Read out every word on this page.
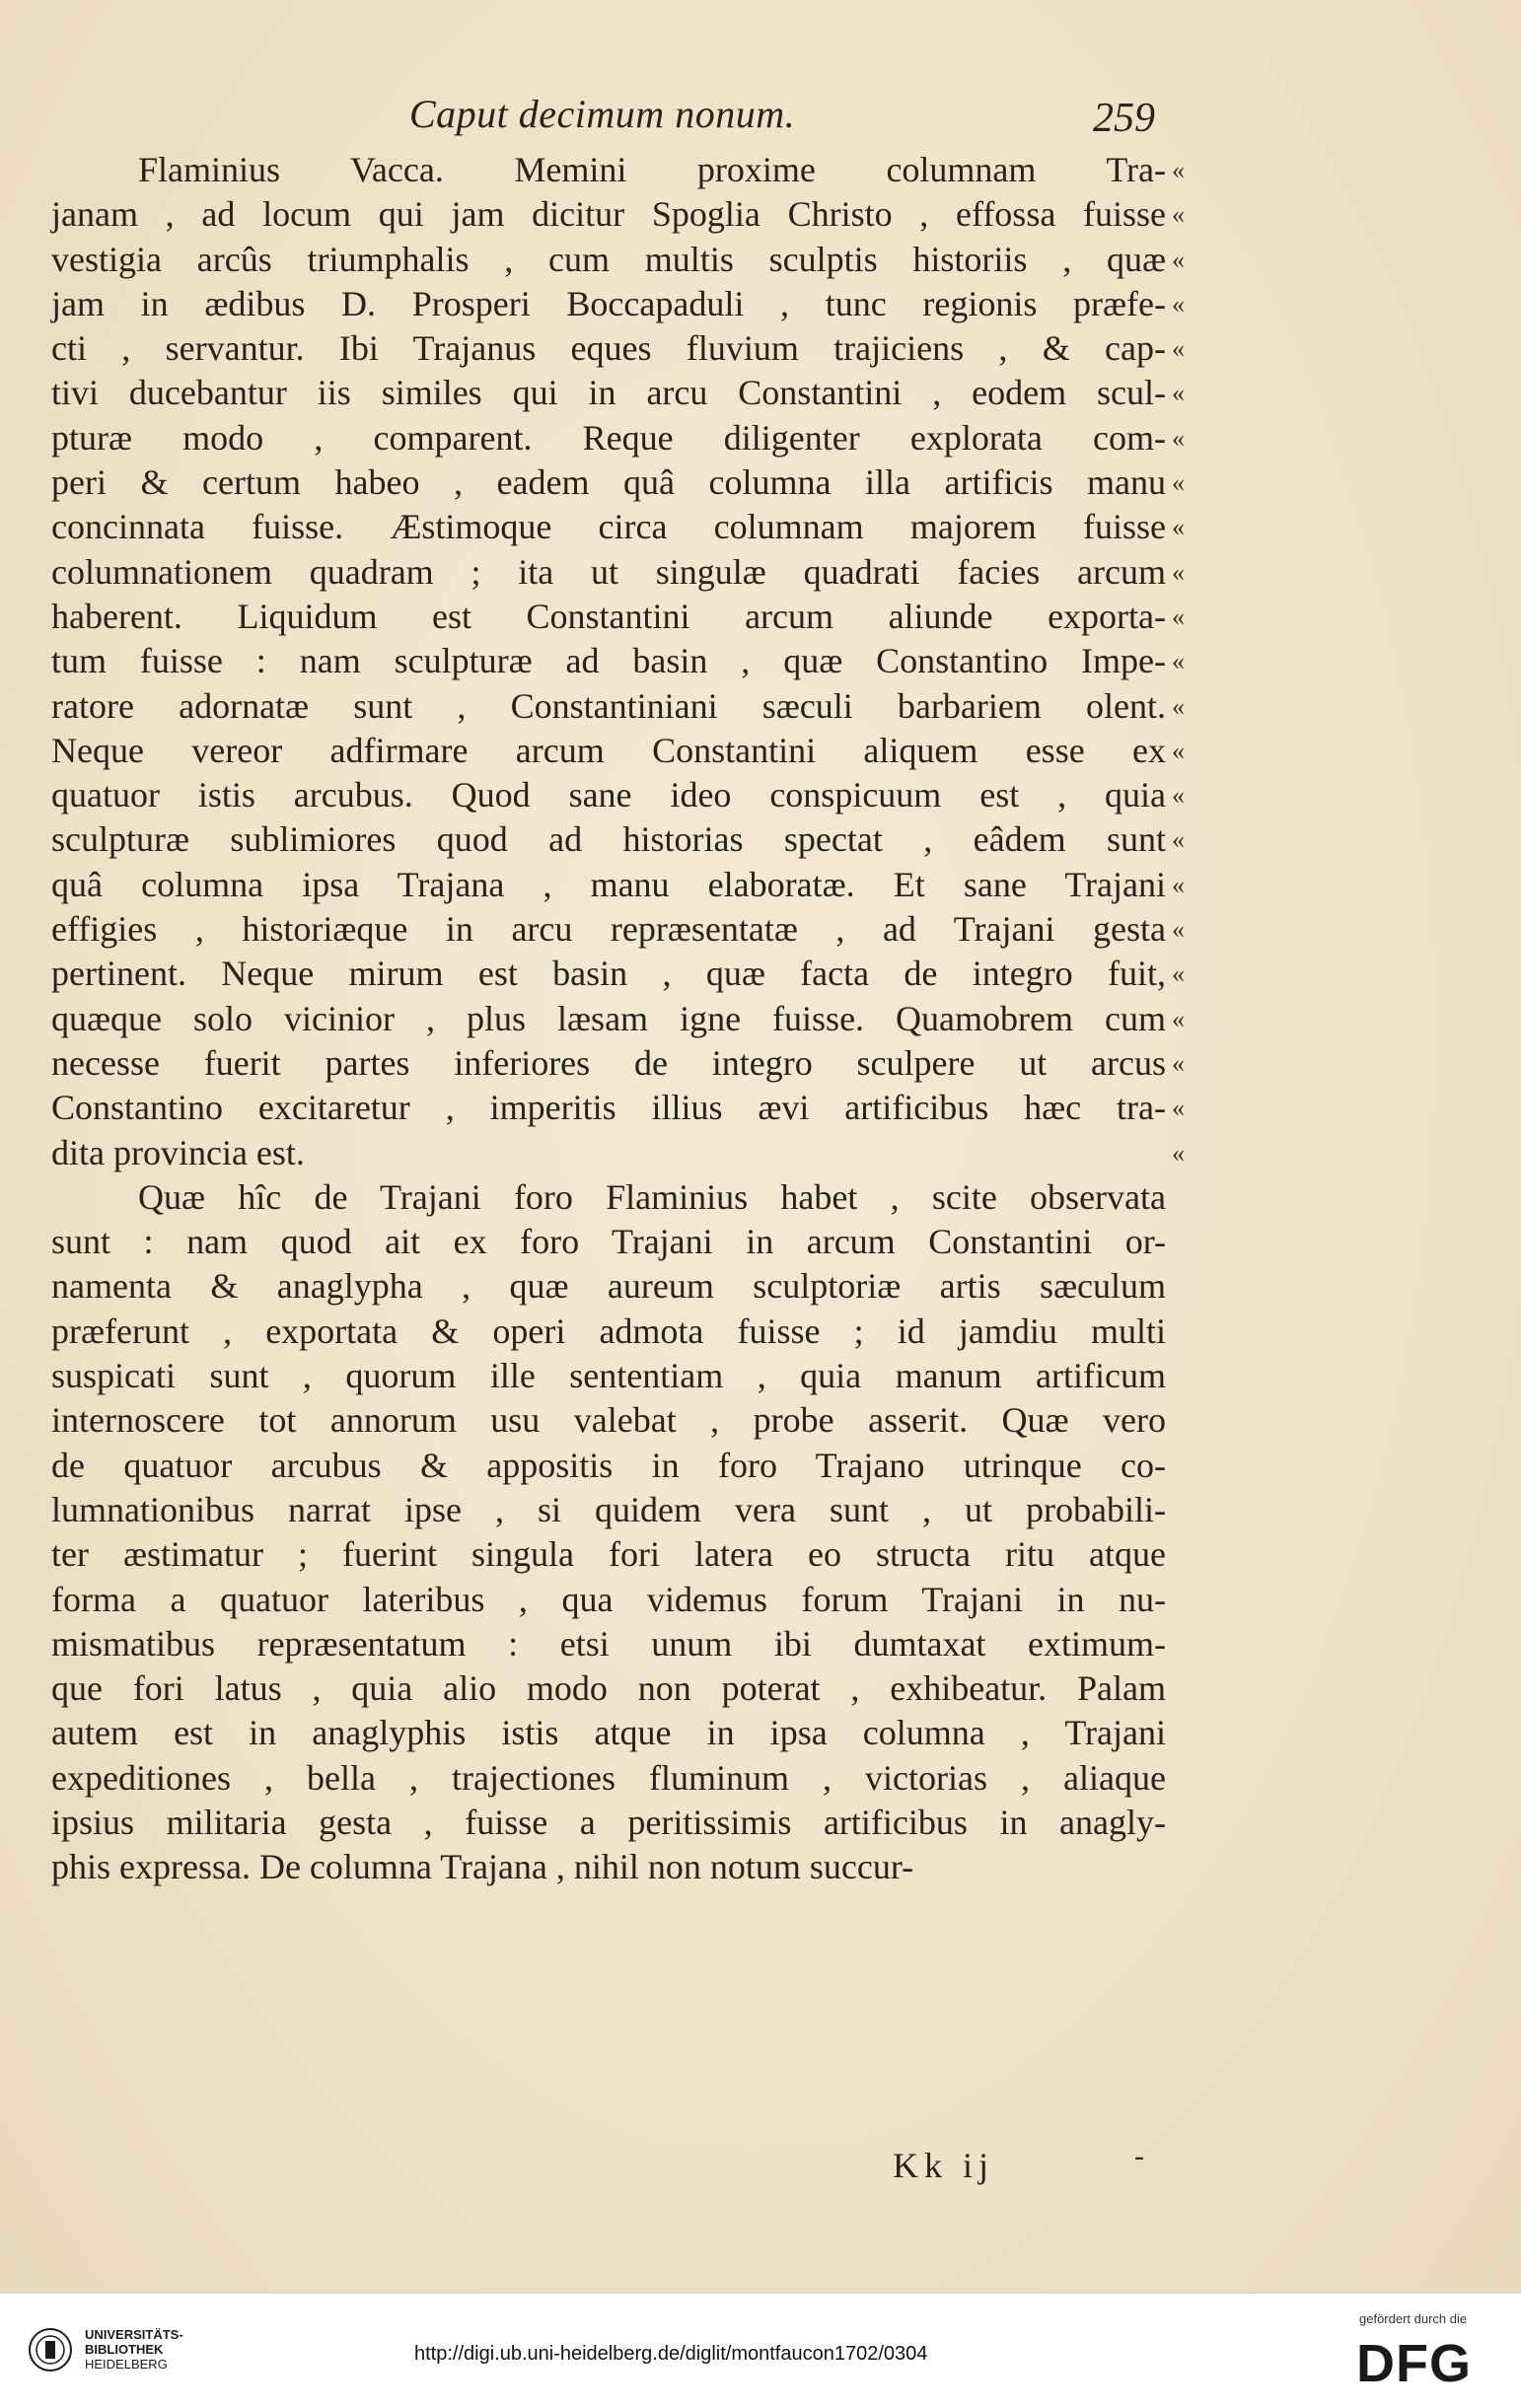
Caput decimum nonum.	259
Flaminius Vacca. Memini proxime columnam Tra-
janam , ad locum qui jam dicitur Spoglia Christo , effossa fuisse
vestigia arcûs triumphalis , cum multis sculptis historiis , quæ
jam in ædibus D. Prosperi Boccapaduli , tunc regionis præfe-
cti , servantur. Ibi Trajanus eques fluvium trajiciens , & cap-
tivi ducebantur iis similes qui in arcu Constantini , eodem scul-
pturæ modo , comparent. Reque diligenter explorata com-
peri & certum habeo , eadem quâ columna illa artificis manu
concinnata fuisse. Æstimoque circa columnam majorem fuisse
columnationem quadram ; ita ut singulæ quadrati facies arcum
haberent. Liquidum est Constantini arcum aliunde exporta-
tum fuisse : nam sculpturæ ad basin , quæ Constantino Impe-
ratore adornatæ sunt , Constantiniani sæculi barbariem olent.
Neque vereor adfirmare arcum Constantini aliquem esse ex
quatuor istis arcubus. Quod sane ideo conspicuum est , quia
sculpturæ sublimiores quod ad historias spectat , eâdem sunt
quâ columna ipsa Trajana , manu elaboratæ. Et sane Trajani
effigies , historiæque in arcu repræsentatæ , ad Trajani gesta
pertinent. Neque mirum est basin , quæ facta de integro fuit,
quæque solo vicinior , plus læsam igne fuisse. Quamobrem cum
necesse fuerit partes inferiores de integro sculpere ut arcus
Constantino excitaretur , imperitis illius ævi artificibus hæc tra-
dita provincia est.
Quæ hîc de Trajani foro Flaminius habet , scite observata
sunt : nam quod ait ex foro Trajani in arcum Constantini or-
namenta & anaglypha , quæ aureum sculptoriæ artis sæculum
præferunt , exportata & operi admota fuisse ; id jamdiu multi
suspicati sunt , quorum ille sententiam , quia manum artificum
internoscere tot annorum usu valebat , probe asserit. Quæ vero
de quatuor arcubus & appositis in foro Trajano utrinque co-
lumnationibus narrat ipse , si quidem vera sunt , ut probabili-
ter æstimatur ; fuerint singula fori latera eo structa ritu atque
forma a quatuor lateribus , qua videmus forum Trajani in nu-
mismatibus repræsentatum : etsi unum ibi dumtaxat extimum-
que fori latus , quia alio modo non poterat , exhibeatur. Palam
autem est in anaglyphis istis atque in ipsa columna , Trajani
expeditiones , bella , trajectiones fluminum , victorias , aliaque
ipsius militaria gesta , fuisse a peritissimis artificibus in anagly-
phis expressa. De columna Trajana , nihil non notum succur-
«
«
«
«
«
«
«
«
«
«
«
«
«
«
«
«
«
«
«
«
«
«
«
Kk ij	-
UNIVERSITÄTS-
BIBLIOTHEK
HEIDELBERG	http://digi.ub.uni-heidelberg.de/diglit/montfaucon1702/0304
gefördert durch die
DFG
